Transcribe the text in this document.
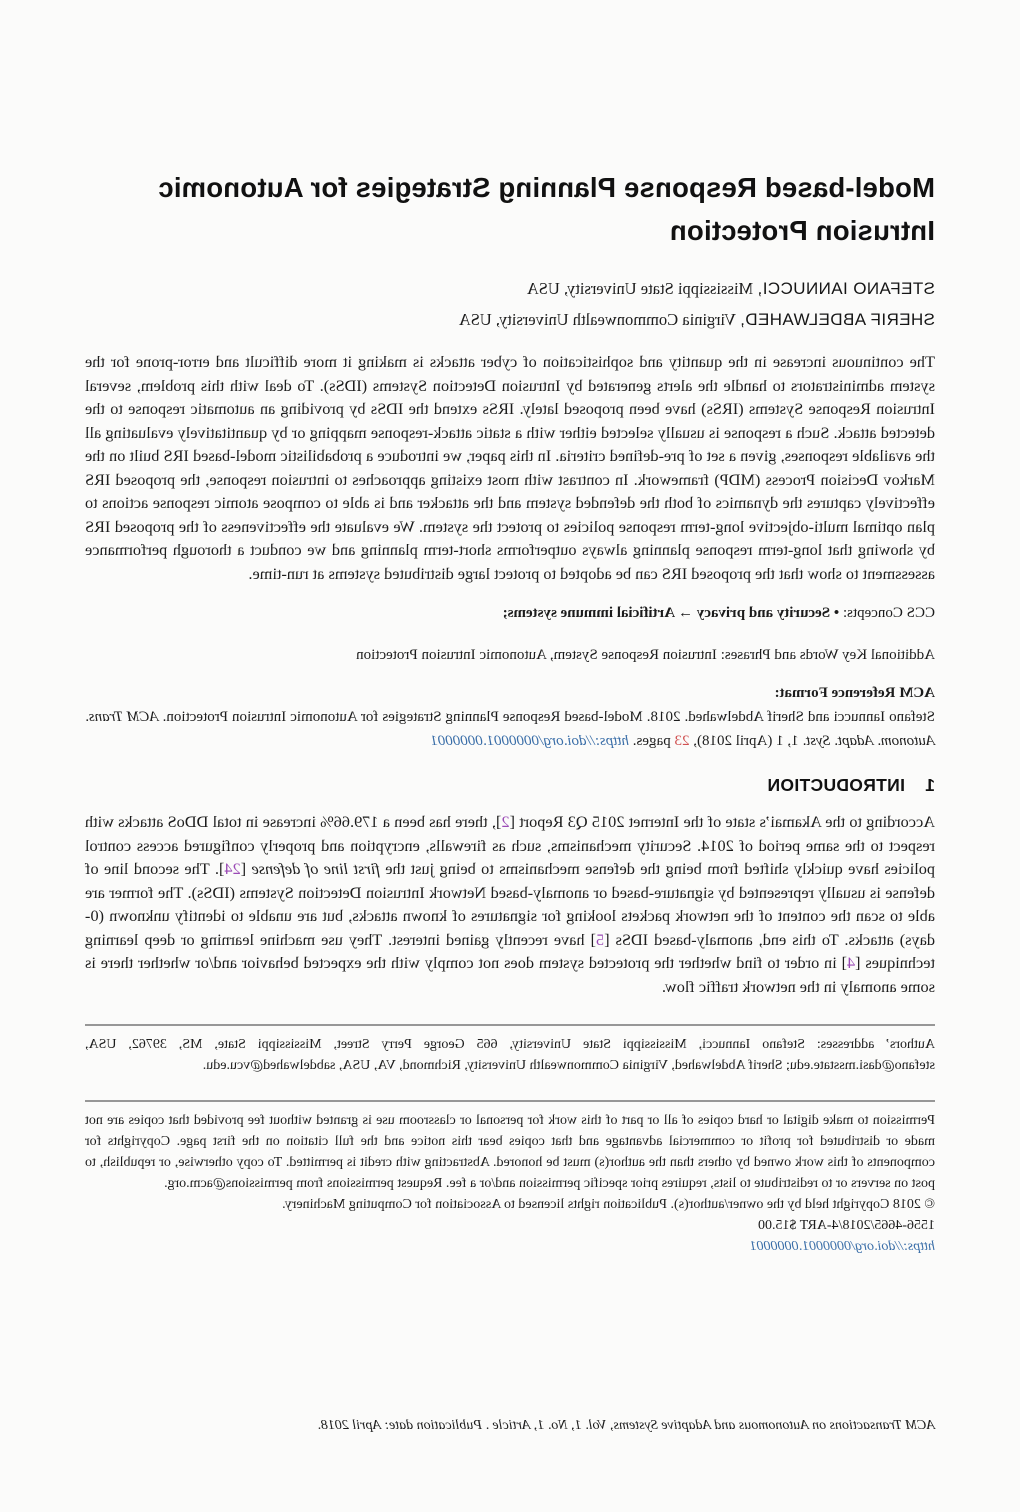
Model-based Response Planning Strategies for Autonomic Intrusion Protection
STEFANO IANNUCCI, Mississippi State University, USA
SHERIF ABDELWAHED, Virginia Commonwealth University, USA

The continuous increase in the quantity and sophistication of cyber attacks is making it more difficult and error-prone for the system administrators to handle the alerts generated by Intrusion Detection Systems (IDSs). To deal with this problem, several Intrusion Response Systems (IRSs) have been proposed lately. IRSs extend the IDSs by providing an automatic response to the detected attack. Such a response is usually selected either with a static attack-response mapping or by quantitatively evaluating all the available responses, given a set of pre-defined criteria. In this paper, we introduce a probabilistic model-based IRS built on the Markov Decision Process (MDP) framework. In contrast with most existing approaches to intrusion response, the proposed IRS effectively captures the dynamics of both the defended system and the attacker and is able to compose atomic response actions to plan optimal multi-objective long-term response policies to protect the system. We evaluate the effectiveness of the proposed IRS by showing that long-term response planning always outperforms short-term planning and we conduct a thorough performance assessment to show that the proposed IRS can be adopted to protect large distributed systems at run-time.

CCS Concepts: • Security and privacy → Artificial immune systems;

Additional Key Words and Phrases: Intrusion Response System, Autonomic Intrusion Protection

ACM Reference Format:

Stefano Iannucci and Sherif Abdelwahed. 2018. Model-based Response Planning Strategies for Autonomic Intrusion Protection. ACM Trans. Autonom. Adapt. Syst. 1, 1 (April 2018), 23 pages. https://doi.org/0000001.0000001

1INTRODUCTION

According to the Akamai’s state of the Internet 2015 Q3 Report [2], there has been a 179.66% increase in total DDoS attacks with respect to the same period of 2014. Security mechanisms, such as firewalls, encryption and properly configured access control policies have quickly shifted from being the defense mechanisms to being just the first line of defense [24]. The second line of defense is usually represented by signature-based or anomaly-based Network Intrusion Detection Systems (IDSs). The former are able to scan the content of the network packets looking for signatures of known attacks, but are unable to identify unknown (0-days) attacks. To this end, anomaly-based IDSs [5] have recently gained interest. They use machine learning or deep learning techniques [4] in order to find whether the protected system does not comply with the expected behavior and/or whether there is some anomaly in the network traffic flow.

Authors’ addresses: Stefano Iannucci, Mississippi State University, 665 George Perry Street, Mississippi State, MS, 39762, USA, stefano@dasi.msstate.edu; Sherif Abdelwahed, Virginia Commonwealth University, Richmond, VA, USA, sabdelwahed@vcu.edu.

Permission to make digital or hard copies of all or part of this work for personal or classroom use is granted without fee provided that copies are not made or distributed for profit or commercial advantage and that copies bear this notice and the full citation on the first page. Copyrights for components of this work owned by others than the author(s) must be honored. Abstracting with credit is permitted. To copy otherwise, or republish, to post on servers or to redistribute to lists, requires prior specific permission and/or a fee. Request permissions from permissions@acm.org.

© 2018 Copyright held by the owner/author(s). Publication rights licensed to Association for Computing Machinery.

1556-4665/2018/4-ART $15.00

https://doi.org/0000001.0000001

ACM Transactions on Autonomous and Adaptive Systems, Vol. 1, No. 1, Article . Publication date: April 2018.
